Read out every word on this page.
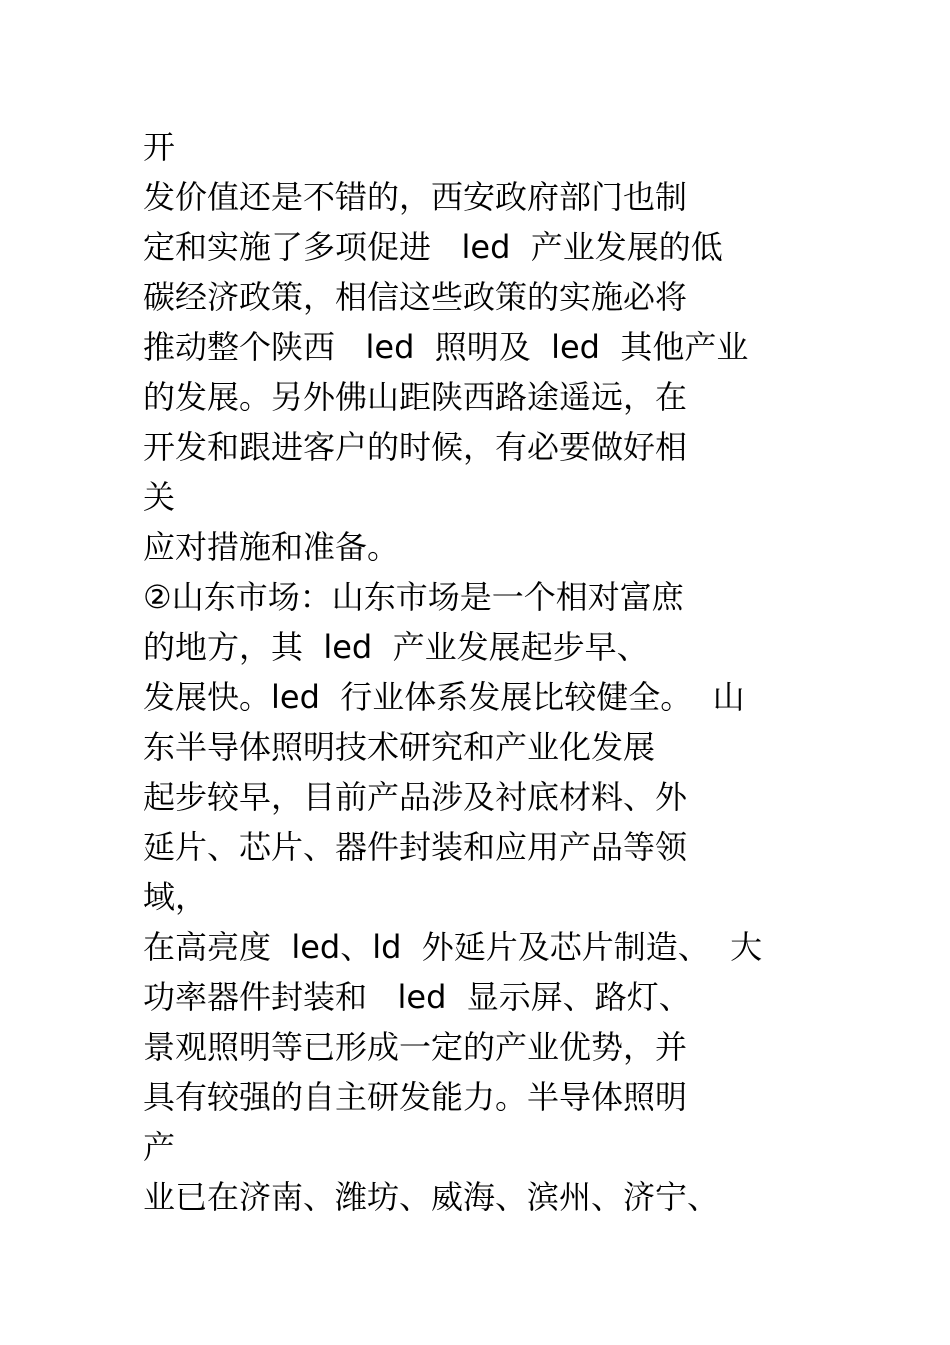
开
发价值还是不错的，西安政府部门也制
定和实施了多项促进   led  产业发展的低
碳经济政策，相信这些政策的实施必将
推动整个陕西   led  照明及  led  其他产业
的发展。另外佛山距陕西路途遥远，在
开发和跟进客户的时候，有必要做好相
关
应对措施和准备。
②山东市场：山东市场是一个相对富庶
的地方，其  led  产业发展起步早、
发展快。led  行业体系发展比较健全。  山
东半导体照明技术研究和产业化发展
起步较早，目前产品涉及衬底材料、外
延片、芯片、器件封装和应用产品等领
域，
在高亮度  led、ld  外延片及芯片制造、  大
功率器件封装和   led  显示屏、路灯、
景观照明等已形成一定的产业优势，并
具有较强的自主研发能力。半导体照明
产
业已在济南、潍坊、威海、滨州、济宁、
